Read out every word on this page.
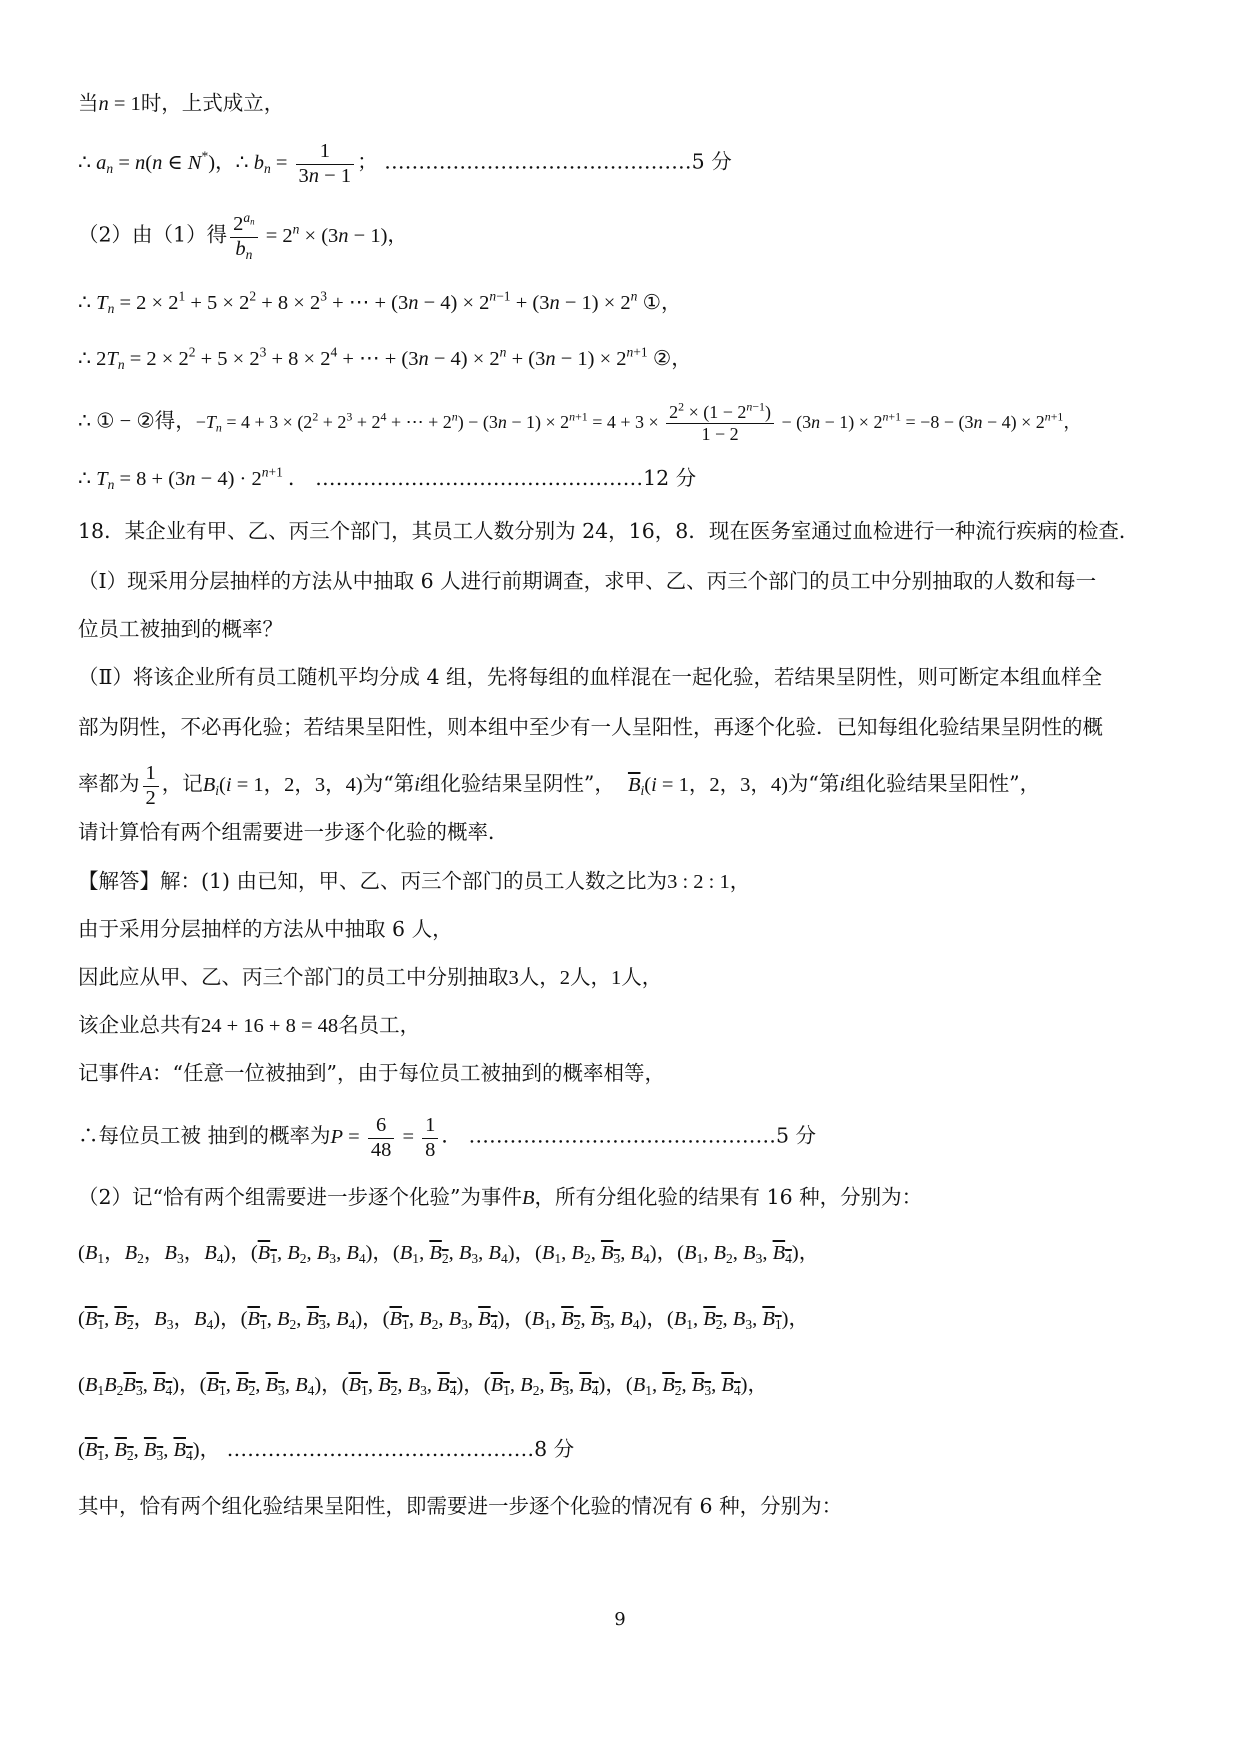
当n = 1时，上式成立，
∴ $a_n = n(n$ ∈ N*)，∴ $b_n = \frac{1}{3n - 1}$ ； ………………………………………5 分
（2）由（1）得 $\frac{2^{a_n}}{b_n} = 2^n \times (3n - 1)$，
∴ $T_n = 2 \times 2^1 + 5 \times 2^2 + 8 \times 2^3$ + ⋯ + $(3n - 4) \times 2^{n-1} + (3n - 1) \times 2^n$ ①，
∴ $2T_n = 2 \times 2^2 + 5 \times 2^3 + 8 \times 2^4$ + ⋯ + $(3n - 4) \times 2^n + (3n - 1) \times 2^{n+1}$ ②，
∴ ① − ②得，$-T_n = 4 + 3 \times (2^2 + 2^3 + 2^4$ + ⋯ + $2^n) - (3n - 1) \times 2^{n+1} = 4 + 3 \times \frac{2^2 \times (1 - 2^{n-1})}{1 - 2} - (3n - 1) \times 2^{n+1} = -8 - (3n - 4) \times 2^{n+1}$，
∴ $T_n = 8 + (3n - 4) \cdot 2^{n+1}$ ． …………………………………………12 分
18．某企业有甲、乙、丙三个部门，其员工人数分别为 24，16，8．现在医务室通过血检进行一种流行疾病的检查．
（Ⅰ）现采用分层抽样的方法从中抽取 6 人进行前期调查，求甲、乙、丙三个部门的员工中分别抽取的人数和每一
位员工被抽到的概率？
（Ⅱ）将该企业所有员工随机平均分成 4 组，先将每组的血样混在一起化验，若结果呈阴性，则可断定本组血样全
部为阴性，不必再化验；若结果呈阳性，则本组中至少有一人呈阳性，再逐个化验．已知每组化验结果呈阴性的概
率都为 $\frac{1}{2}$ ，记$B_i(i = 1$，2，3，4)为“第i组化验结果呈阴性”， $\overline{B}_i(i = 1$，2，3，4)为“第i组化验结果呈阳性”，
请计算恰有两个组需要进一步逐个化验的概率．
【解答】解：(1) 由已知，甲、乙、丙三个部门的员工人数之比为3 : 2 : 1，
由于采用分层抽样的方法从中抽取 6 人，
因此应从甲、乙、丙三个部门的员工中分别抽取3人，2人，1人，
该企业总共有24 + 16 + 8 = 48名员工，
记事件A：“任意一位被抽到”，由于每位员工被抽到的概率相等，
∴每位员工被 抽到的概率为$P = \frac{6}{48} = \frac{1}{8}$ ． ………………………………………5 分
（2）记“恰有两个组需要进一步逐个化验”为事件B，所有分组化验的结果有 16 种，分别为：
($B_1$，$B_2$，$B_3$，$B_4$)，($B_1$, $B_2$, $B_3$, $B_4$)，($B_1$, $B_2$, $B_3$, $B_4$)，($B_1$, $B_2$, $B_3$, $B_4$)，($B_1$, $B_2$, $B_3$, $B_4$)，
($B_1$, $B_2$，$B_3$，$B_4$)，($B_1$, $B_2$, $B_3$, $B_4$)，($B_1$, $B_2$, $B_3$, $B_4$)，($B_1$, $B_2$, $B_3$, $B_4$)，($B_1$, $B_2$, $B_3$, $B_1$)，
($B_1B_2B_3$, $B_4$)，($B_1$, $B_2$, $B_3$, $B_4$)，($B_1$, $B_2$, $B_3$, $B_4$)，($B_1$, $B_2$, $B_3$, $B_4$)，($B_1$, $B_2$, $B_3$, $B_4$)，
($B_1$, $B_2$, $B_3$, $B_4$)， ………………………………………8 分
其中，恰有两个组化验结果呈阳性，即需要进一步逐个化验的情况有 6 种，分别为：
9
